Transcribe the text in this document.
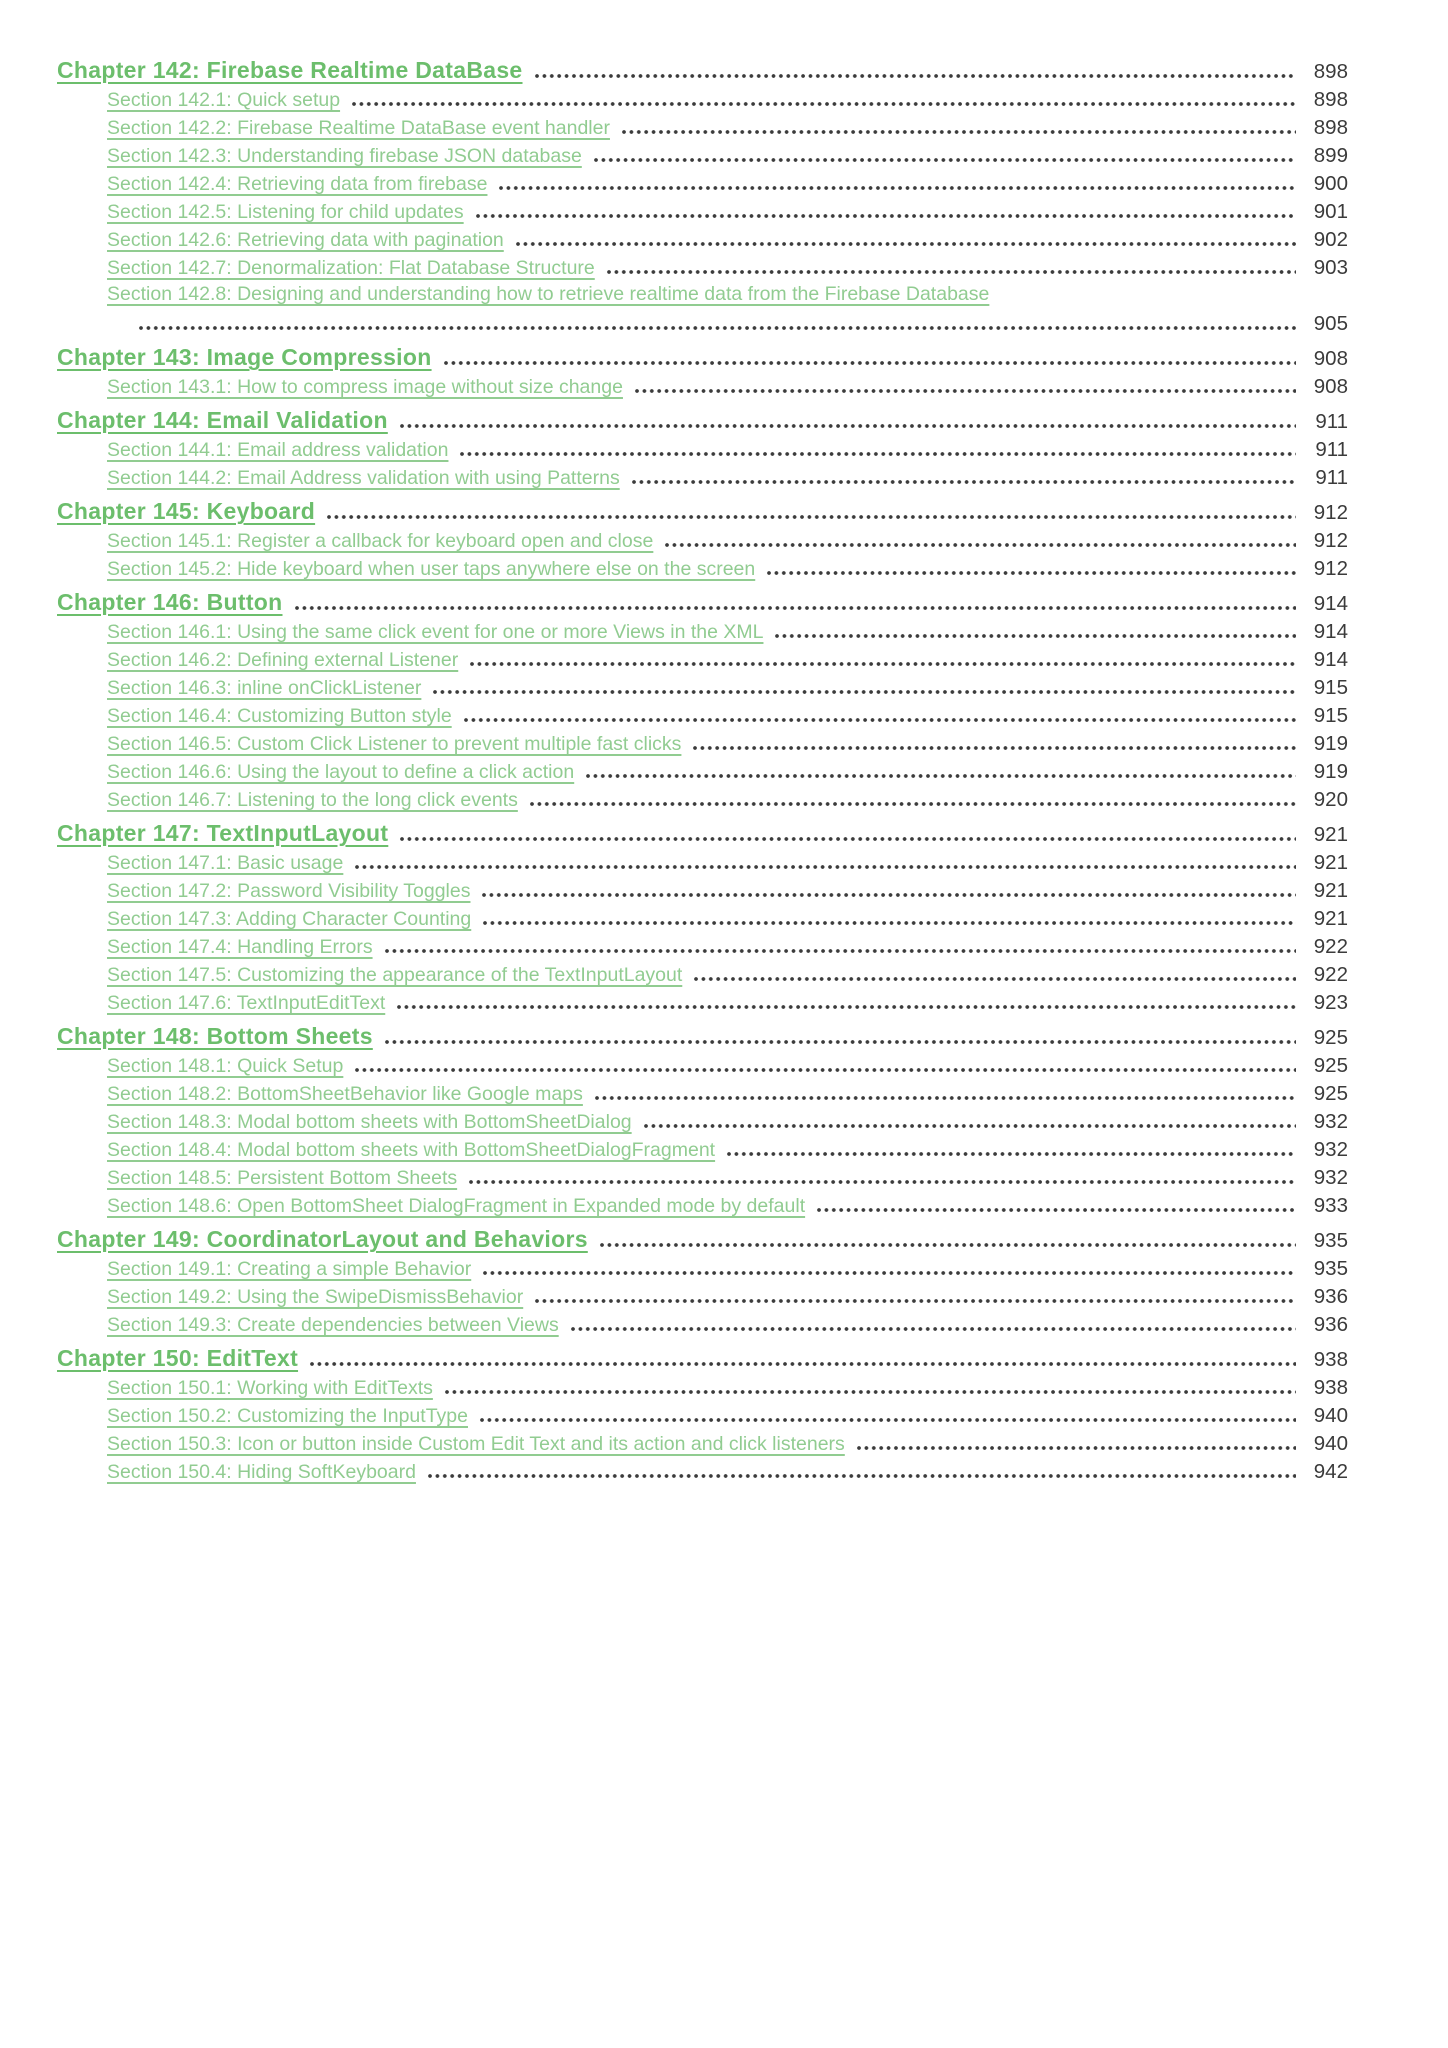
Chapter 142: Firebase Realtime DataBase	898
Section 142.1: Quick setup	898
Section 142.2: Firebase Realtime DataBase event handler	898
Section 142.3: Understanding firebase JSON database	899
Section 142.4: Retrieving data from firebase	900
Section 142.5: Listening for child updates	901
Section 142.6: Retrieving data with pagination	902
Section 142.7: Denormalization: Flat Database Structure	903
Section 142.8: Designing and understanding how to retrieve realtime data from the Firebase Database
905
Chapter 143: Image Compression	908
Section 143.1: How to compress image without size change	908
Chapter 144: Email Validation	911
Section 144.1: Email address validation	911
Section 144.2: Email Address validation with using Patterns	911
Chapter 145: Keyboard	912
Section 145.1: Register a callback for keyboard open and close	912
Section 145.2: Hide keyboard when user taps anywhere else on the screen	912
Chapter 146: Button	914
Section 146.1: Using the same click event for one or more Views in the XML	914
Section 146.2: Defining external Listener	914
Section 146.3: inline onClickListener	915
Section 146.4: Customizing Button style	915
Section 146.5: Custom Click Listener to prevent multiple fast clicks	919
Section 146.6: Using the layout to define a click action	919
Section 146.7: Listening to the long click events	920
Chapter 147: TextInputLayout	921
Section 147.1: Basic usage	921
Section 147.2: Password Visibility Toggles	921
Section 147.3: Adding Character Counting	921
Section 147.4: Handling Errors	922
Section 147.5: Customizing the appearance of the TextInputLayout	922
Section 147.6: TextInputEditText	923
Chapter 148: Bottom Sheets	925
Section 148.1: Quick Setup	925
Section 148.2: BottomSheetBehavior like Google maps	925
Section 148.3: Modal bottom sheets with BottomSheetDialog	932
Section 148.4: Modal bottom sheets with BottomSheetDialogFragment	932
Section 148.5: Persistent Bottom Sheets	932
Section 148.6: Open BottomSheet DialogFragment in Expanded mode by default	933
Chapter 149: CoordinatorLayout and Behaviors	935
Section 149.1: Creating a simple Behavior	935
Section 149.2: Using the SwipeDismissBehavior	936
Section 149.3: Create dependencies between Views	936
Chapter 150: EditText	938
Section 150.1: Working with EditTexts	938
Section 150.2: Customizing the InputType	940
Section 150.3: Icon or button inside Custom Edit Text and its action and click listeners	940
Section 150.4: Hiding SoftKeyboard	942
